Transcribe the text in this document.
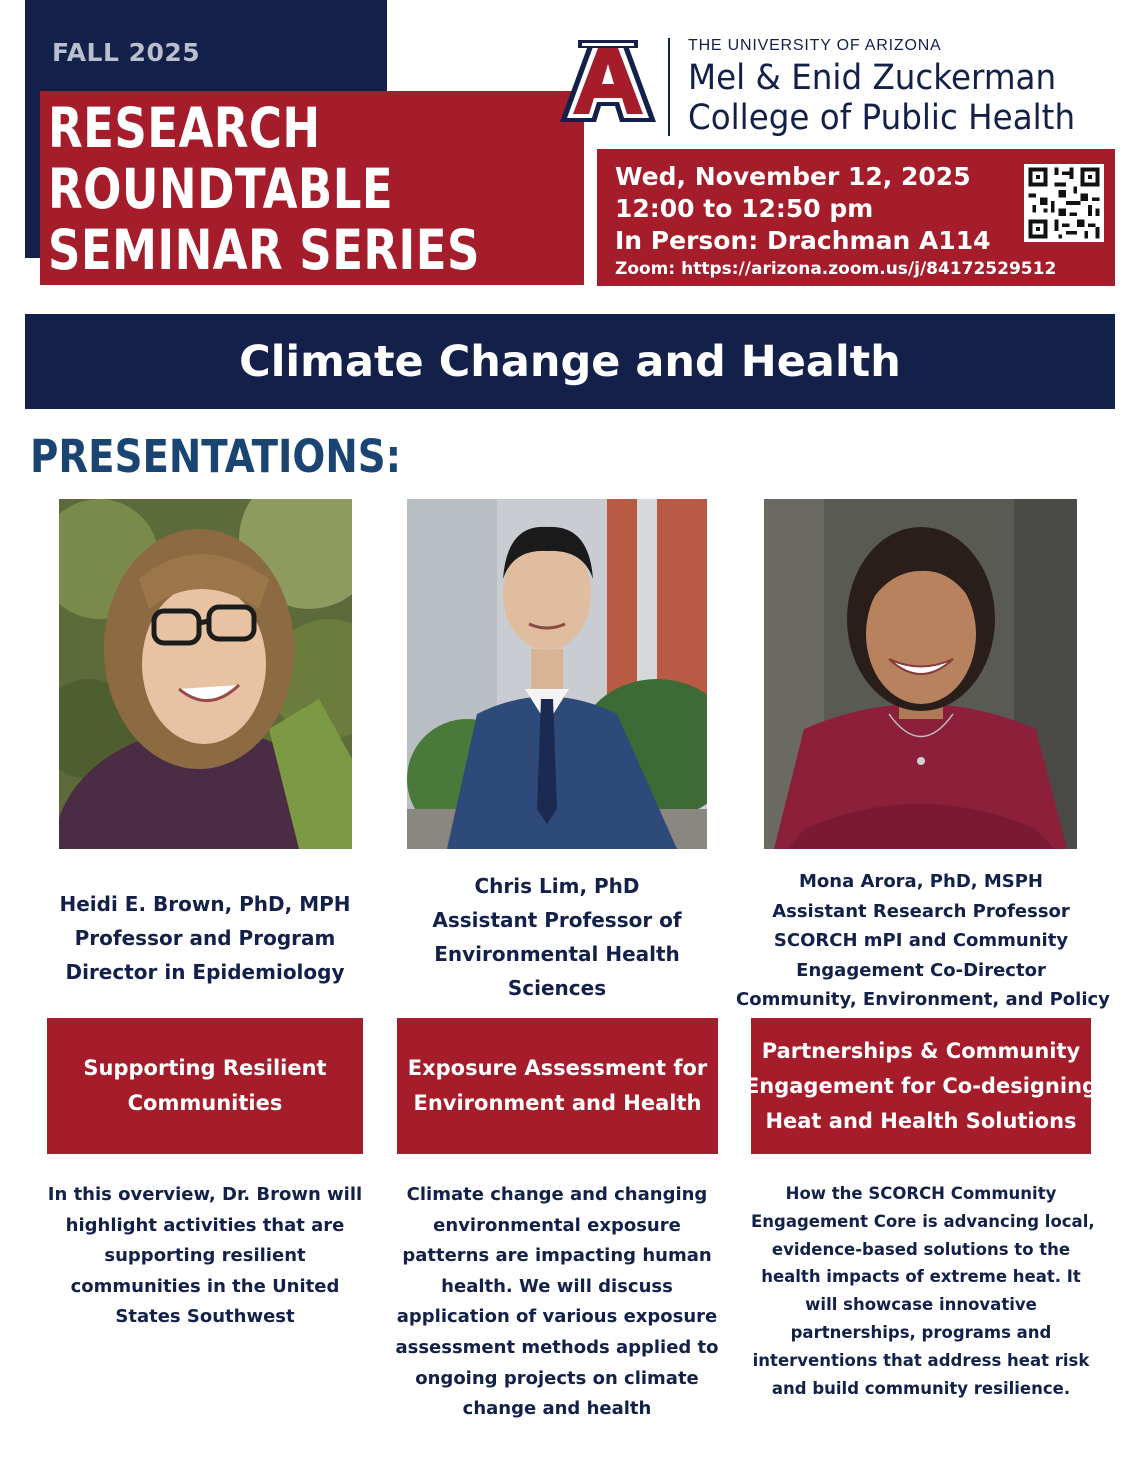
FALL 2025
RESEARCH
ROUNDTABLE
SEMINAR SERIES
THE UNIVERSITY OF ARIZONA
Mel & Enid Zuckerman
College of Public Health
Wed, November 12, 2025
12:00 to 12:50 pm
In Person: Drachman A114
Zoom: https://arizona.zoom.us/j/84172529512
Climate Change and Health
PRESENTATIONS:
Heidi E. Brown, PhD, MPH
Professor and Program
Director in Epidemiology
Chris Lim, PhD
Assistant Professor of
Environmental Health
Sciences
Mona Arora, PhD, MSPH
Assistant Research Professor
SCORCH mPI and Community
Engagement Co-Director
Community, Environment, and Policy
Supporting Resilient
Communities
Exposure Assessment for
Environment and Health
Partnerships & Community
Engagement for Co-designing
Heat and Health Solutions
In this overview, Dr. Brown will
highlight activities that are
supporting resilient
communities in the United
States Southwest
Climate change and changing
environmental exposure
patterns are impacting human
health. We will discuss
application of various exposure
assessment methods applied to
ongoing projects on climate
change and health
How the SCORCH Community
Engagement Core is advancing local,
evidence-based solutions to the
health impacts of extreme heat. It
will showcase innovative
partnerships, programs and
interventions that address heat risk
and build community resilience.
